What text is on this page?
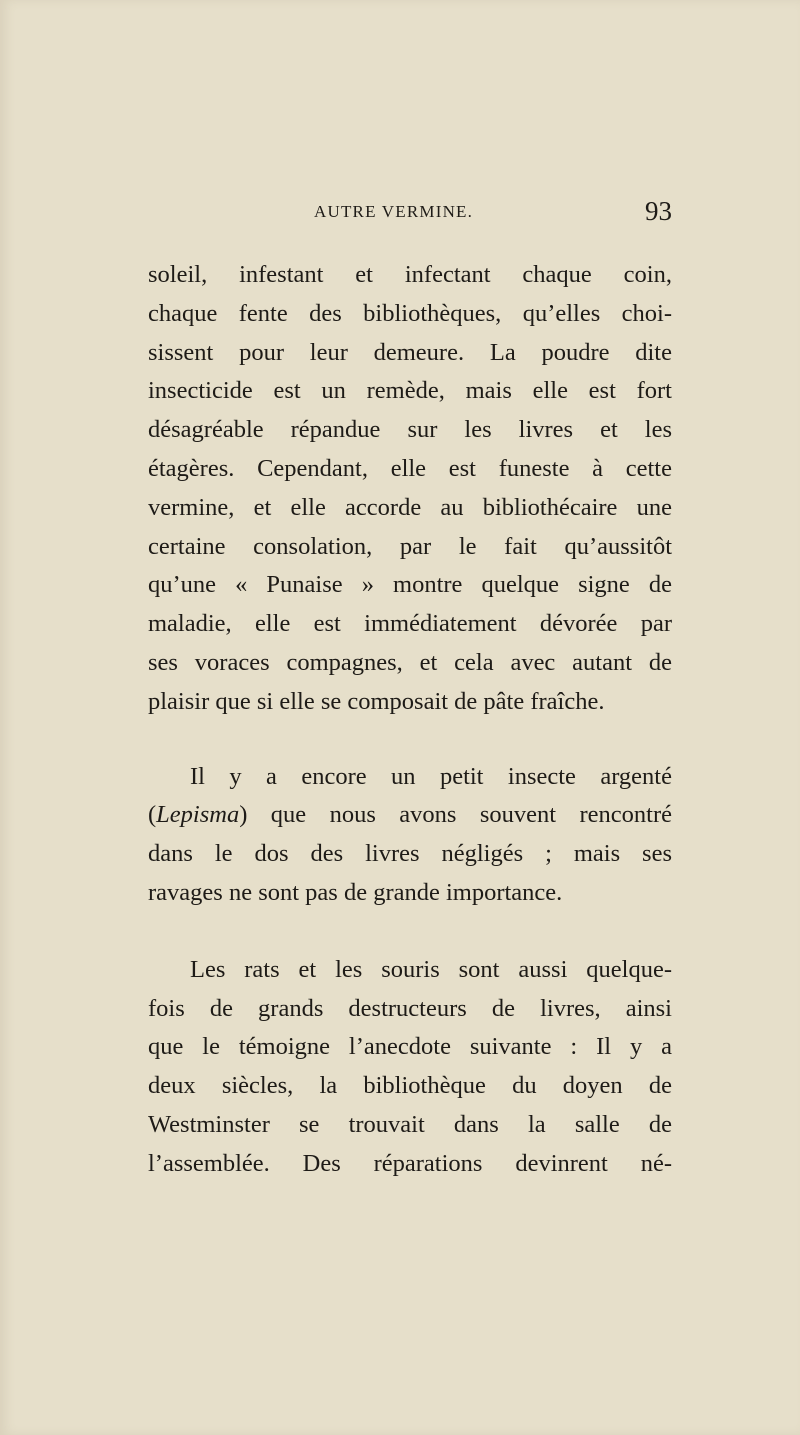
AUTRE VERMINE.	93

soleil, infestant et infectant chaque coin,
chaque fente des bibliothèques, qu’elles choi-
sissent pour leur demeure. La poudre dite
insecticide est un remède, mais elle est fort
désagréable répandue sur les livres et les
étagères. Cependant, elle est funeste à cette
vermine, et elle accorde au bibliothécaire une
certaine consolation, par le fait qu’aussitôt
qu’une « Punaise » montre quelque signe de
maladie, elle est immédiatement dévorée par
ses voraces compagnes, et cela avec autant de
plaisir que si elle se composait de pâte fraîche.

Il y a encore un petit insecte argenté
(Lepisma) que nous avons souvent rencontré
dans le dos des livres négligés ; mais ses
ravages ne sont pas de grande importance.

Les rats et les souris sont aussi quelque-
fois de grands destructeurs de livres, ainsi
que le témoigne l’anecdote suivante : Il y a
deux siècles, la bibliothèque du doyen de
Westminster se trouvait dans la salle de
l’assemblée. Des réparations devinrent né-
